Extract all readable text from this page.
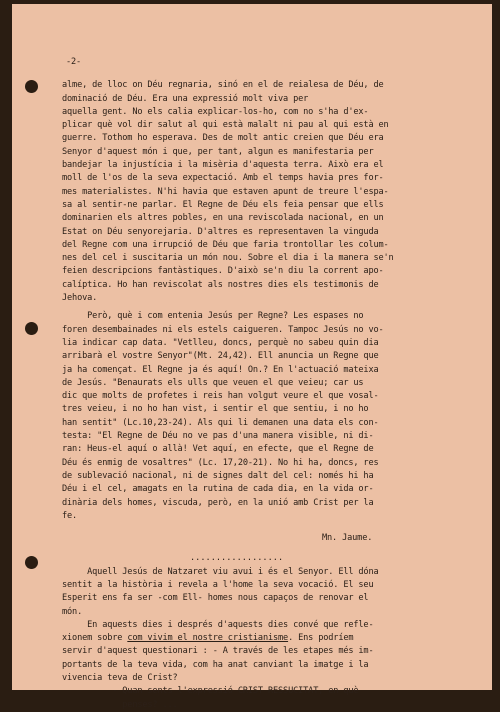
-2-
alme, de lloc on Déu regnaria, sinó en el de reialesa de Déu, de
dominació de Déu. Era una expressió molt viva per
aquella gent. No els calia explicar-los-ho, com no s'ha d'ex-
plicar què vol dir salut al qui està malalt ni pau al qui està en
guerre. Tothom ho esperava. Des de molt antic creien que Déu era
Senyor d'aquest món i que, per tant, algun es manifestaria per
bandejar la injustícia i la misèria d'aquesta terra. Això era el
moll de l'os de la seva expectació. Amb el temps havia pres for-
mes materialistes. N'hi havia que estaven apunt de treure l'espa-
sa al sentir-ne parlar. El Regne de Déu els feia pensar que ells
dominarien els altres pobles, en una reviscolada nacional, en un
Estat on Déu senyorejaria. D'altres es representaven la vinguda
del Regne com una irrupció de Déu que faria trontollar les colum-
nes del cel i suscitaria un món nou. Sobre el dia i la manera se'n
feien descripcions fantàstiques. D'això se'n diu la corrent apo-
calíptica. Ho han reviscolat als nostres dies els testimonis de
Jehova.
Però, què i com entenia Jesús per Regne? Les espases no
foren desembainades ni els estels caigueren. Tampoc Jesús no vo-
lia indicar cap data. "Vetlleu, doncs, perquè no sabeu quin dia
arribarà el vostre Senyor"(Mt. 24,42). Ell anuncia un Regne que
ja ha començat. El Regne ja és aquí! On.? En l'actuació mateixa
de Jesús. "Benaurats els ulls que veuen el que veieu; car us
dic que molts de profetes i reis han volgut veure el que vosal-
tres veieu, i no ho han vist, i sentir el que sentiu, i no ho
han sentit" (Lc.10,23-24). Als qui li demanen una data els con-
testa: "El Regne de Déu no ve pas d'una manera visible, ni di-
ran: Heus-el aquí o allà! Vet aquí, en efecte, que el Regne de
Déu és enmig de vosaltres" (Lc. 17,20-21). No hi ha, doncs, res
de sublevació nacional, ni de signes dalt del cel: només hi ha
Déu i el cel, amagats en la rutina de cada dia, en la vida or-
dinària dels homes, viscuda, però, en la unió amb Crist per la
fe.
Mn. Jaume.
..................
Aquell Jesús de Natzaret viu avui i és el Senyor. Ell dóna
sentit a la història i revela a l'home la seva vocació. El seu
Esperit ens fa ser -com Ell- homes nous capaços de renovar el
món.
En aquests dies i després d'aquests dies convé que refle-
xionem sobre com vivim el nostre cristianisme. Ens podríem
servir d'aquest questionari : - A través de les etapes més im-
portants de la teva vida, com ha anat canviant la imatge i la
vivencia teva de Crist?
- Quan sents l'expressió CRIST RESSUCITAT, en què
penses? ...
